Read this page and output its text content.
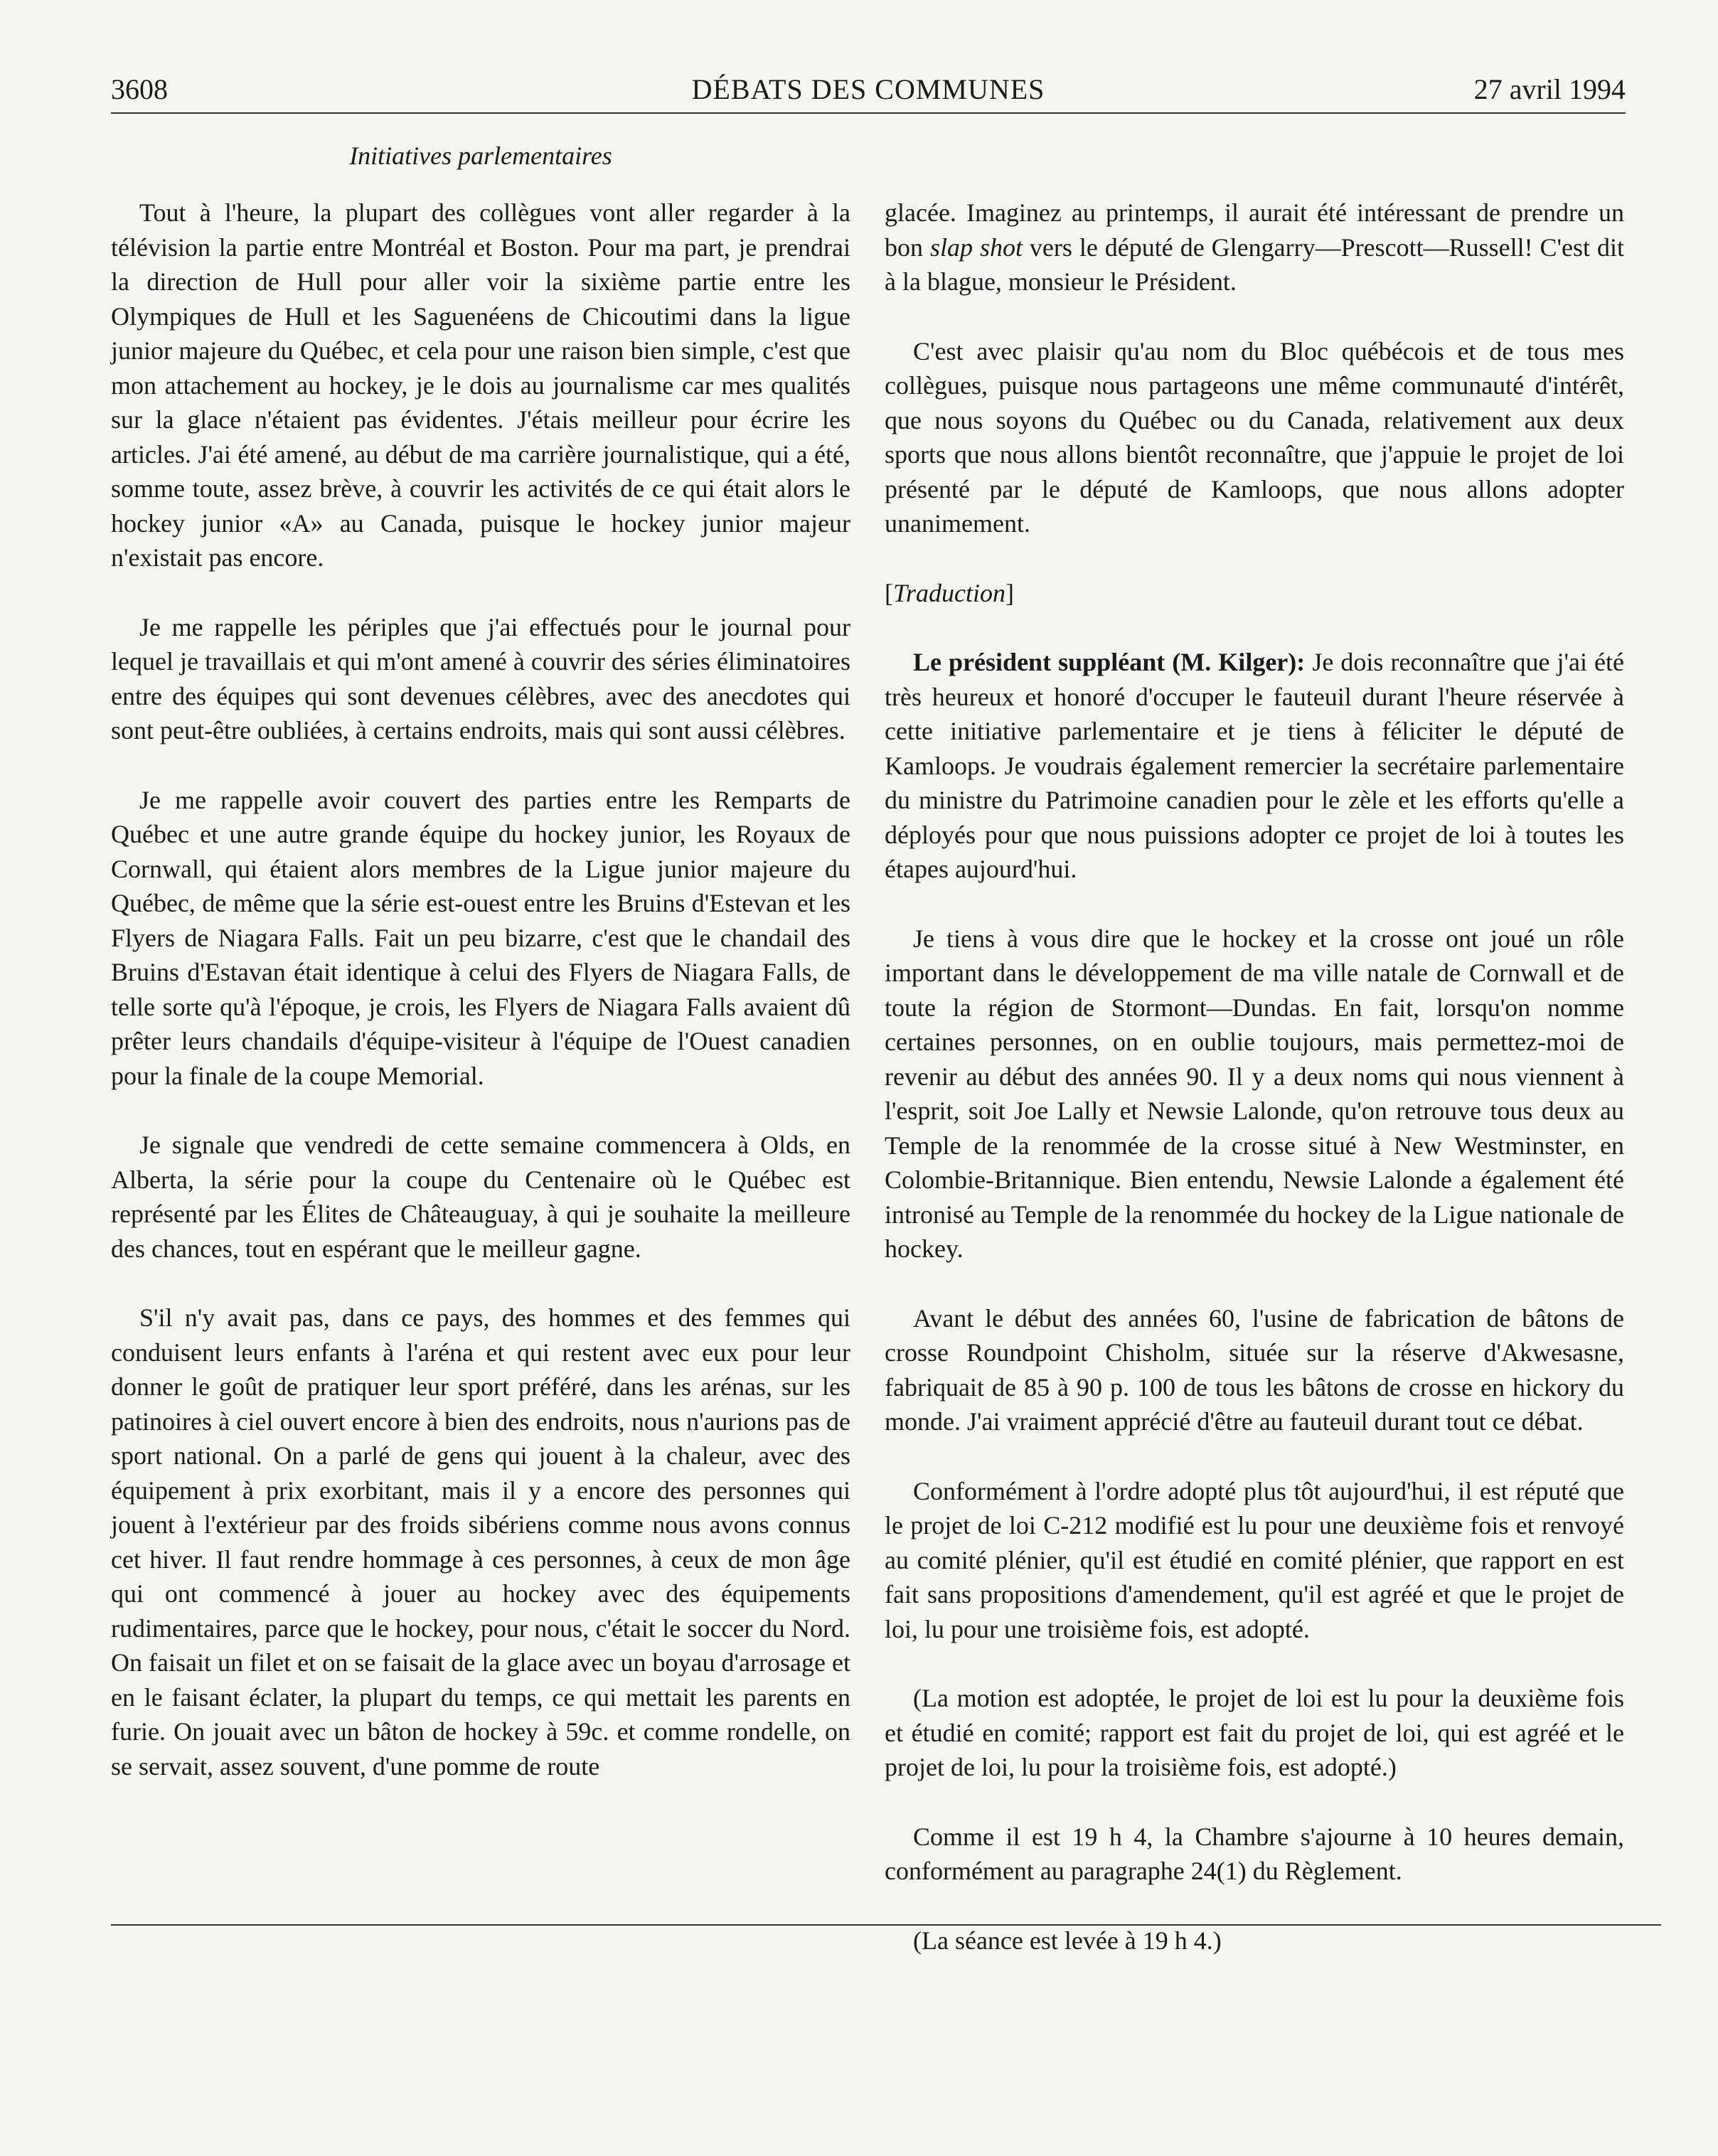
3608	DÉBATS DES COMMUNES	27 avril 1994
Initiatives parlementaires

Tout à l'heure, la plupart des collègues vont aller regarder à la télévision la partie entre Montréal et Boston. Pour ma part, je prendrai la direction de Hull pour aller voir la sixième partie entre les Olympiques de Hull et les Saguenéens de Chicoutimi dans la ligue junior majeure du Québec, et cela pour une raison bien simple, c'est que mon attachement au hockey, je le dois au journalisme car mes qualités sur la glace n'étaient pas évidentes. J'étais meilleur pour écrire les articles. J'ai été amené, au début de ma carrière journalistique, qui a été, somme toute, assez brève, à couvrir les activités de ce qui était alors le hockey junior «A» au Canada, puisque le hockey junior majeur n'existait pas encore.

Je me rappelle les périples que j'ai effectués pour le journal pour lequel je travaillais et qui m'ont amené à couvrir des séries éliminatoires entre des équipes qui sont devenues célèbres, avec des anecdotes qui sont peut-être oubliées, à certains endroits, mais qui sont aussi célèbres.

Je me rappelle avoir couvert des parties entre les Remparts de Québec et une autre grande équipe du hockey junior, les Royaux de Cornwall, qui étaient alors membres de la Ligue junior majeure du Québec, de même que la série est-ouest entre les Bruins d'Estevan et les Flyers de Niagara Falls. Fait un peu bizarre, c'est que le chandail des Bruins d'Estavan était identique à celui des Flyers de Niagara Falls, de telle sorte qu'à l'époque, je crois, les Flyers de Niagara Falls avaient dû prêter leurs chandails d'équipe-visiteur à l'équipe de l'Ouest canadien pour la finale de la coupe Memorial.

Je signale que vendredi de cette semaine commencera à Olds, en Alberta, la série pour la coupe du Centenaire où le Québec est représenté par les Élites de Châteauguay, à qui je souhaite la meilleure des chances, tout en espérant que le meilleur gagne.

S'il n'y avait pas, dans ce pays, des hommes et des femmes qui conduisent leurs enfants à l'aréna et qui restent avec eux pour leur donner le goût de pratiquer leur sport préféré, dans les arénas, sur les patinoires à ciel ouvert encore à bien des endroits, nous n'aurions pas de sport national. On a parlé de gens qui jouent à la chaleur, avec des équipement à prix exorbitant, mais il y a encore des personnes qui jouent à l'extérieur par des froids sibériens comme nous avons connus cet hiver. Il faut rendre hommage à ces personnes, à ceux de mon âge qui ont commencé à jouer au hockey avec des équipements rudimentaires, parce que le hockey, pour nous, c'était le soccer du Nord. On faisait un filet et on se faisait de la glace avec un boyau d'arrosage et en le faisant éclater, la plupart du temps, ce qui mettait les parents en furie. On jouait avec un bâton de hockey à 59c. et comme rondelle, on se servait, assez souvent, d'une pomme de route

glacée. Imaginez au printemps, il aurait été intéressant de prendre un bon slap shot vers le député de Glengarry—Prescott—Russell! C'est dit à la blague, monsieur le Président.

C'est avec plaisir qu'au nom du Bloc québécois et de tous mes collègues, puisque nous partageons une même communauté d'intérêt, que nous soyons du Québec ou du Canada, relativement aux deux sports que nous allons bientôt reconnaître, que j'appuie le projet de loi présenté par le député de Kamloops, que nous allons adopter unanimement.

[Traduction]

Le président suppléant (M. Kilger): Je dois reconnaître que j'ai été très heureux et honoré d'occuper le fauteuil durant l'heure réservée à cette initiative parlementaire et je tiens à féliciter le député de Kamloops. Je voudrais également remercier la secrétaire parlementaire du ministre du Patrimoine canadien pour le zèle et les efforts qu'elle a déployés pour que nous puissions adopter ce projet de loi à toutes les étapes aujourd'hui.

Je tiens à vous dire que le hockey et la crosse ont joué un rôle important dans le développement de ma ville natale de Cornwall et de toute la région de Stormont—Dundas. En fait, lorsqu'on nomme certaines personnes, on en oublie toujours, mais permettez-moi de revenir au début des années 90. Il y a deux noms qui nous viennent à l'esprit, soit Joe Lally et Newsie Lalonde, qu'on retrouve tous deux au Temple de la renommée de la crosse situé à New Westminster, en Colombie-Britannique. Bien entendu, Newsie Lalonde a également été intronisé au Temple de la renommée du hockey de la Ligue nationale de hockey.

Avant le début des années 60, l'usine de fabrication de bâtons de crosse Roundpoint Chisholm, située sur la réserve d'Akwesasne, fabriquait de 85 à 90 p. 100 de tous les bâtons de crosse en hickory du monde. J'ai vraiment apprécié d'être au fauteuil durant tout ce débat.

Conformément à l'ordre adopté plus tôt aujourd'hui, il est réputé que le projet de loi C-212 modifié est lu pour une deuxième fois et renvoyé au comité plénier, qu'il est étudié en comité plénier, que rapport en est fait sans propositions d'amendement, qu'il est agréé et que le projet de loi, lu pour une troisième fois, est adopté.

(La motion est adoptée, le projet de loi est lu pour la deuxième fois et étudié en comité; rapport est fait du projet de loi, qui est agréé et le projet de loi, lu pour la troisième fois, est adopté.)

Comme il est 19 h 4, la Chambre s'ajourne à 10 heures demain, conformément au paragraphe 24(1) du Règlement.

(La séance est levée à 19 h 4.)
